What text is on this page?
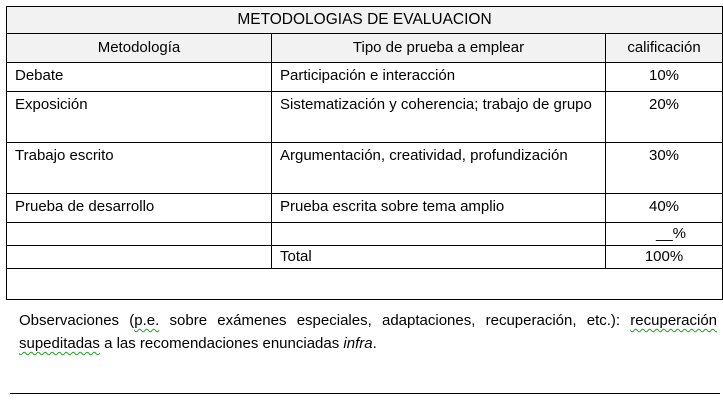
METODOLOGIAS DE EVALUACION		
Metodología	Tipo de prueba a emplear	calificación
Debate	Participación e interacción	10%
Exposición	Sistematización y coherencia; trabajo de grupo	20%
Trabajo escrito	Argumentación, creatividad, profundización	30%
Prueba de desarrollo	Prueba escrita sobre tema amplio	40%
		__%
	Total	100%

Observaciones (p.e. sobre exámenes especiales, adaptaciones, recuperación, etc.): recuperación supeditadas a las recomendaciones enunciadas infra.
